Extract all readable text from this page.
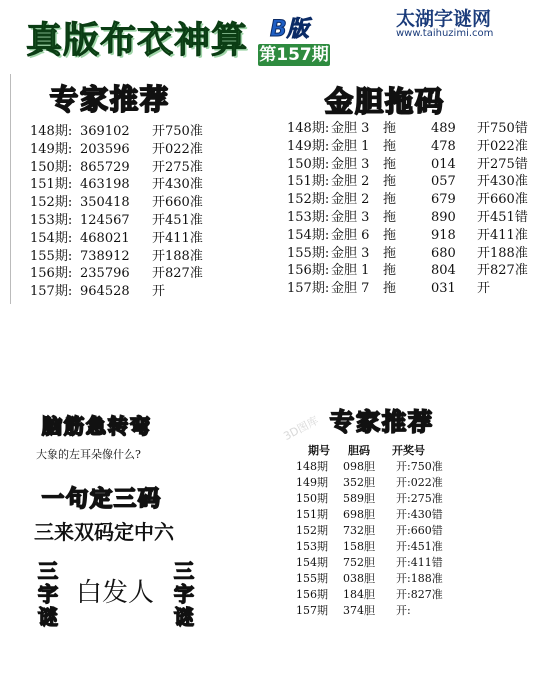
真版布衣神算 B版
第157期
太湖字谜网
www.taihuzimi.com
专家推荐
148期: 369102	开750准
149期: 203596	开022准
150期: 865729	开275准
151期: 463198	开430准
152期: 350418	开660准
153期: 124567	开451准
154期: 468021	开411准
155期: 738912	开188准
156期: 235796	开827准
157期: 964528	开
金胆拖码
148期: 金胆 3	拖	489	开750错
149期: 金胆 1	拖	478	开022准
150期: 金胆 3	拖	014	开275错
151期: 金胆 2	拖	057	开430准
152期: 金胆 2	拖	679	开660准
153期: 金胆 3	拖	890	开451错
154期: 金胆 6	拖	918	开411准
155期: 金胆 3	拖	680	开188准
156期: 金胆 1	拖	804	开827准
157期: 金胆 7	拖	031	开
脑筋急转弯
大象的左耳朵像什么?
一句定三码
三来双码定中六
三
字
谜
白发人
三
字
谜
3D图库 专家推荐
期号 胆码 开奖号
148期	098胆	开:750准
149期	352胆	开:022准
150期	589胆	开:275准
151期	698胆	开:430错
152期	732胆	开:660错
153期	158胆	开:451准
154期	752胆	开:411错
155期	038胆	开:188准
156期	184胆	开:827准
157期	374胆	开:
